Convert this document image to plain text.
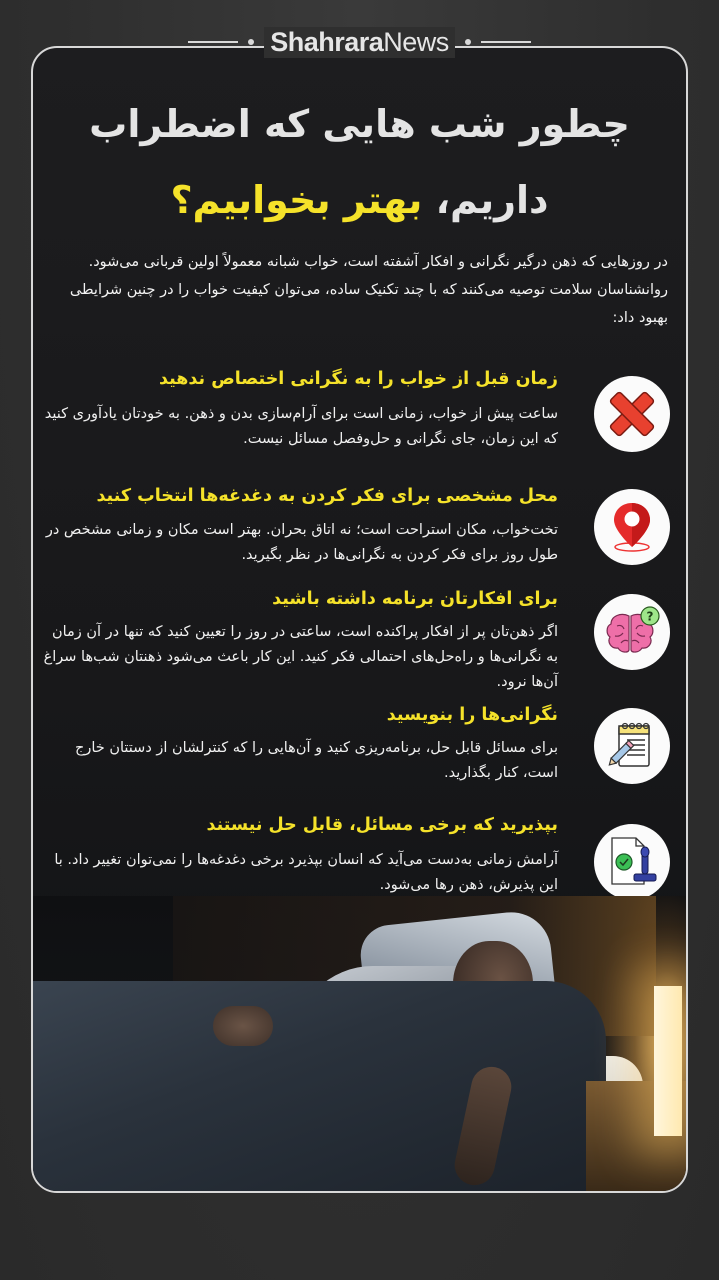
ShahraraNews
چطور شب هایی که اضطراب
داریم، بهتر بخوابیم؟
در روزهایی که ذهن درگیر نگرانی و افکار آشفته است، خواب شبانه معمولاً اولین قربانی می‌شود. روانشناسان سلامت توصیه می‌کنند که با چند تکنیک ساده، می‌توان کیفیت خواب را در چنین شرایطی بهبود داد:
زمان قبل از خواب را به نگرانی اختصاص ندهید
ساعت پیش از خواب، زمانی است برای آرام‌سازی بدن و ذهن. به خودتان یادآوری کنید که این زمان، جای نگرانی و حل‌وفصل مسائل نیست.
محل مشخصی برای فکر کردن به دغدغه‌ها انتخاب کنید
تخت‌خواب، مکان استراحت است؛ نه اتاق بحران. بهتر است مکان و زمانی مشخص در طول روز برای فکر کردن به نگرانی‌ها در نظر بگیرید.
?
برای افکارتان برنامه داشته باشید
اگر ذهن‌تان پر از افکار پراکنده است، ساعتی در روز را تعیین کنید که تنها در آن زمان به نگرانی‌ها و راه‌حل‌های احتمالی فکر کنید. این کار باعث می‌شود ذهنتان شب‌ها سراغ آن‌ها نرود.
نگرانی‌ها را بنویسید
برای مسائل قابل حل، برنامه‌ریزی کنید و آن‌هایی را که کنترلشان از دستتان خارج است، کنار بگذارید.
بپذیرید که برخی مسائل، قابل حل نیستند
آرامش زمانی به‌دست می‌آید که انسان بپذیرد برخی دغدغه‌ها را نمی‌توان تغییر داد. با این پذیرش، ذهن رها می‌شود.
